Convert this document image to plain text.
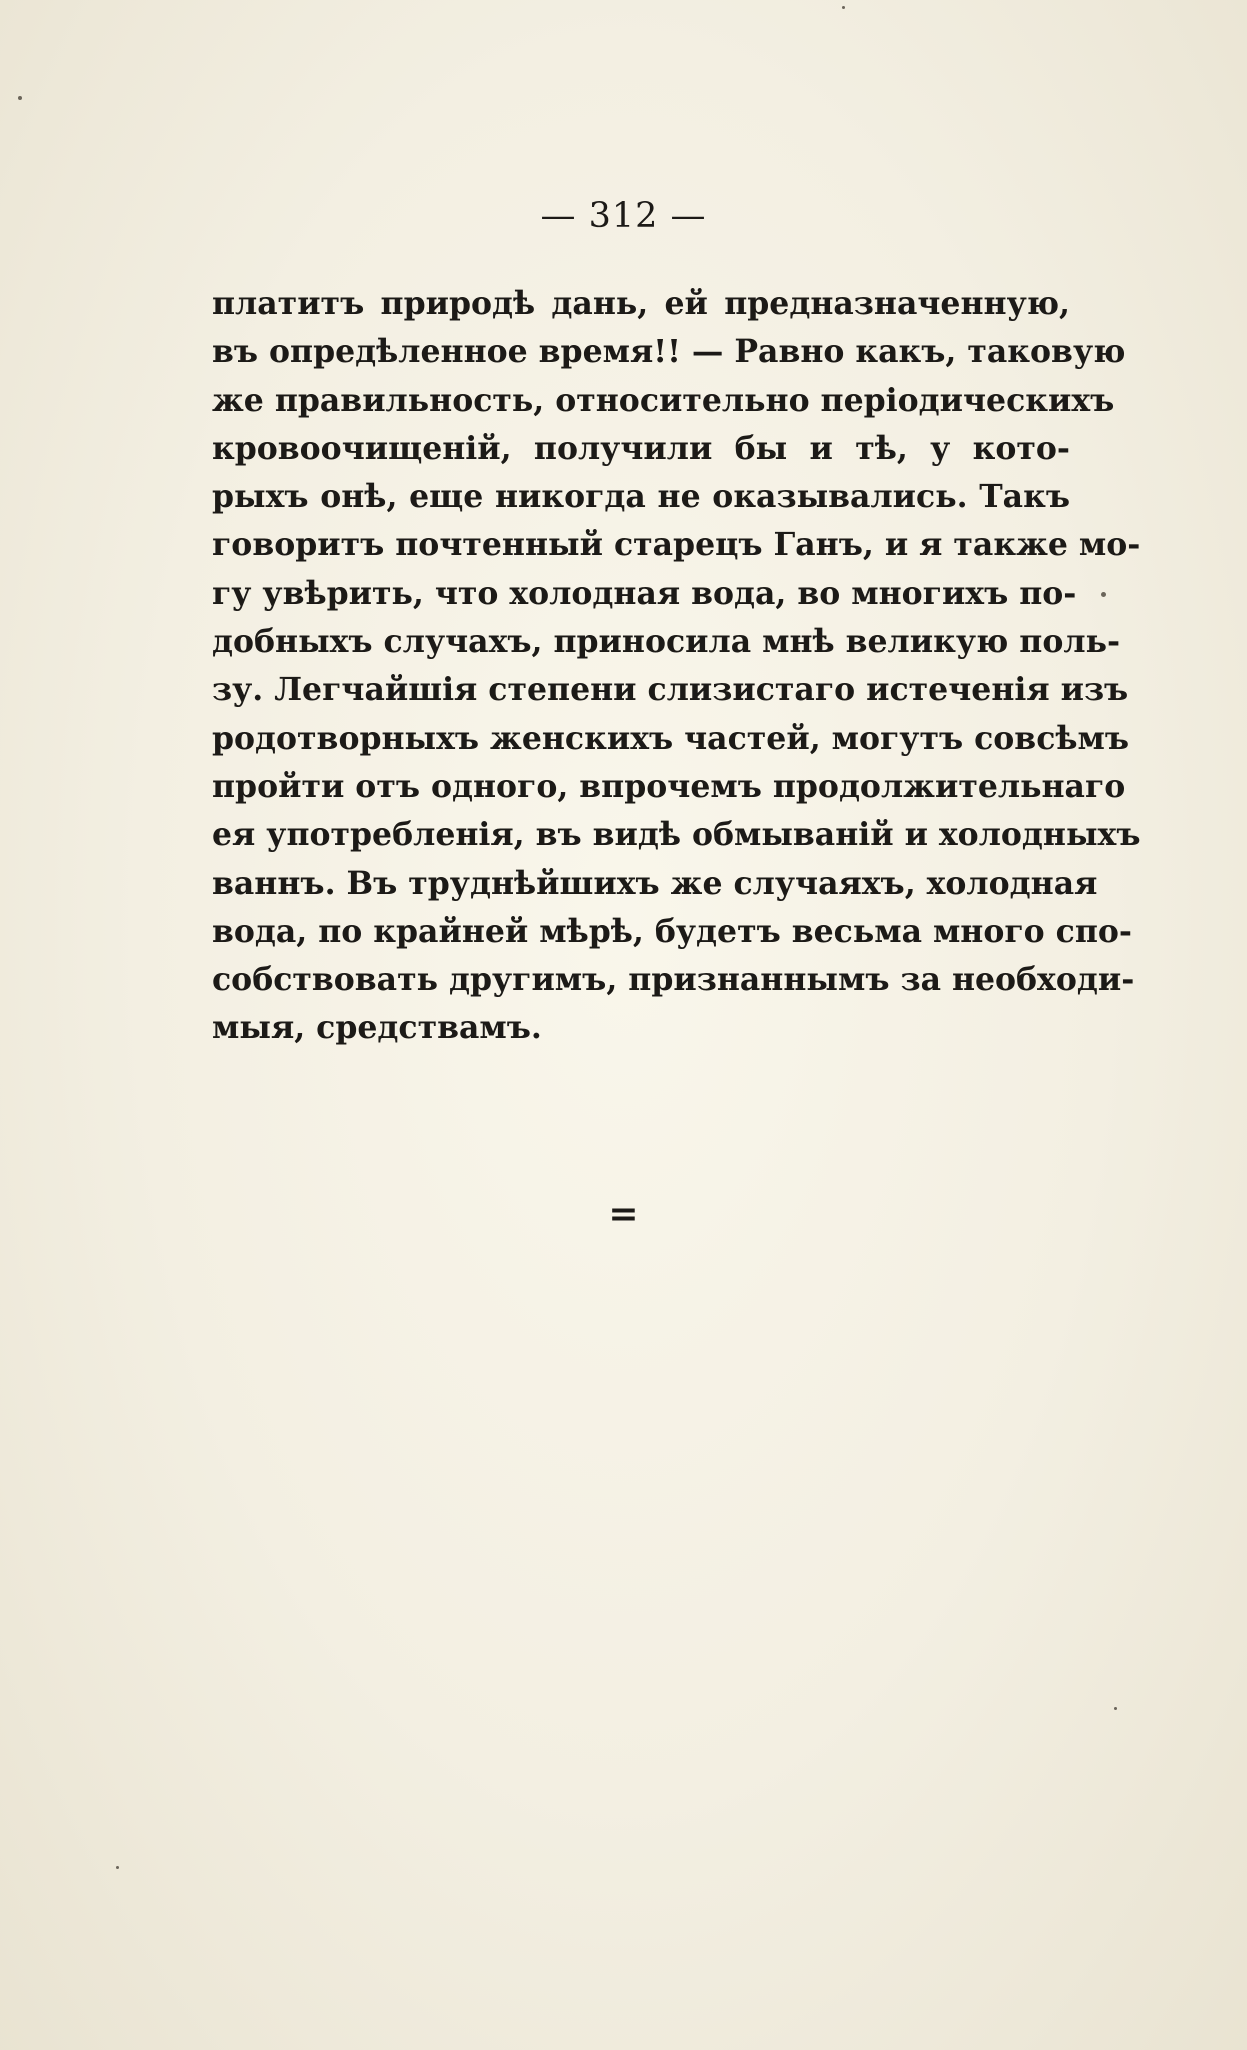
— 312 —
платитъ природѣ дань, ей предназначенную,
въ опредѣленное время!! — Равно какъ, таковую
же правильность, относительно періодическихъ
кровоочищеній, получили бы и тѣ, у кото-
рыхъ онѣ, еще никогда не оказывались. Такъ
говоритъ почтенный старецъ Ганъ, и я также мо-
гу увѣрить, что холодная вода, во многихъ по-
добныхъ случахъ, приносила мнѣ великую поль-
зу. Легчайшія степени слизистаго истеченія изъ
родотворныхъ женскихъ частей, могутъ совсѣмъ
пройти отъ одного, впрочемъ продолжительнаго
ея употребленія, въ видѣ обмываній и холодныхъ
ваннъ. Въ труднѣйшихъ же случаяхъ, холодная
вода, по крайней мѣрѣ, будетъ весьма много спо-
собствовать другимъ, признаннымъ за необходи-
мыя, средствамъ.
=
